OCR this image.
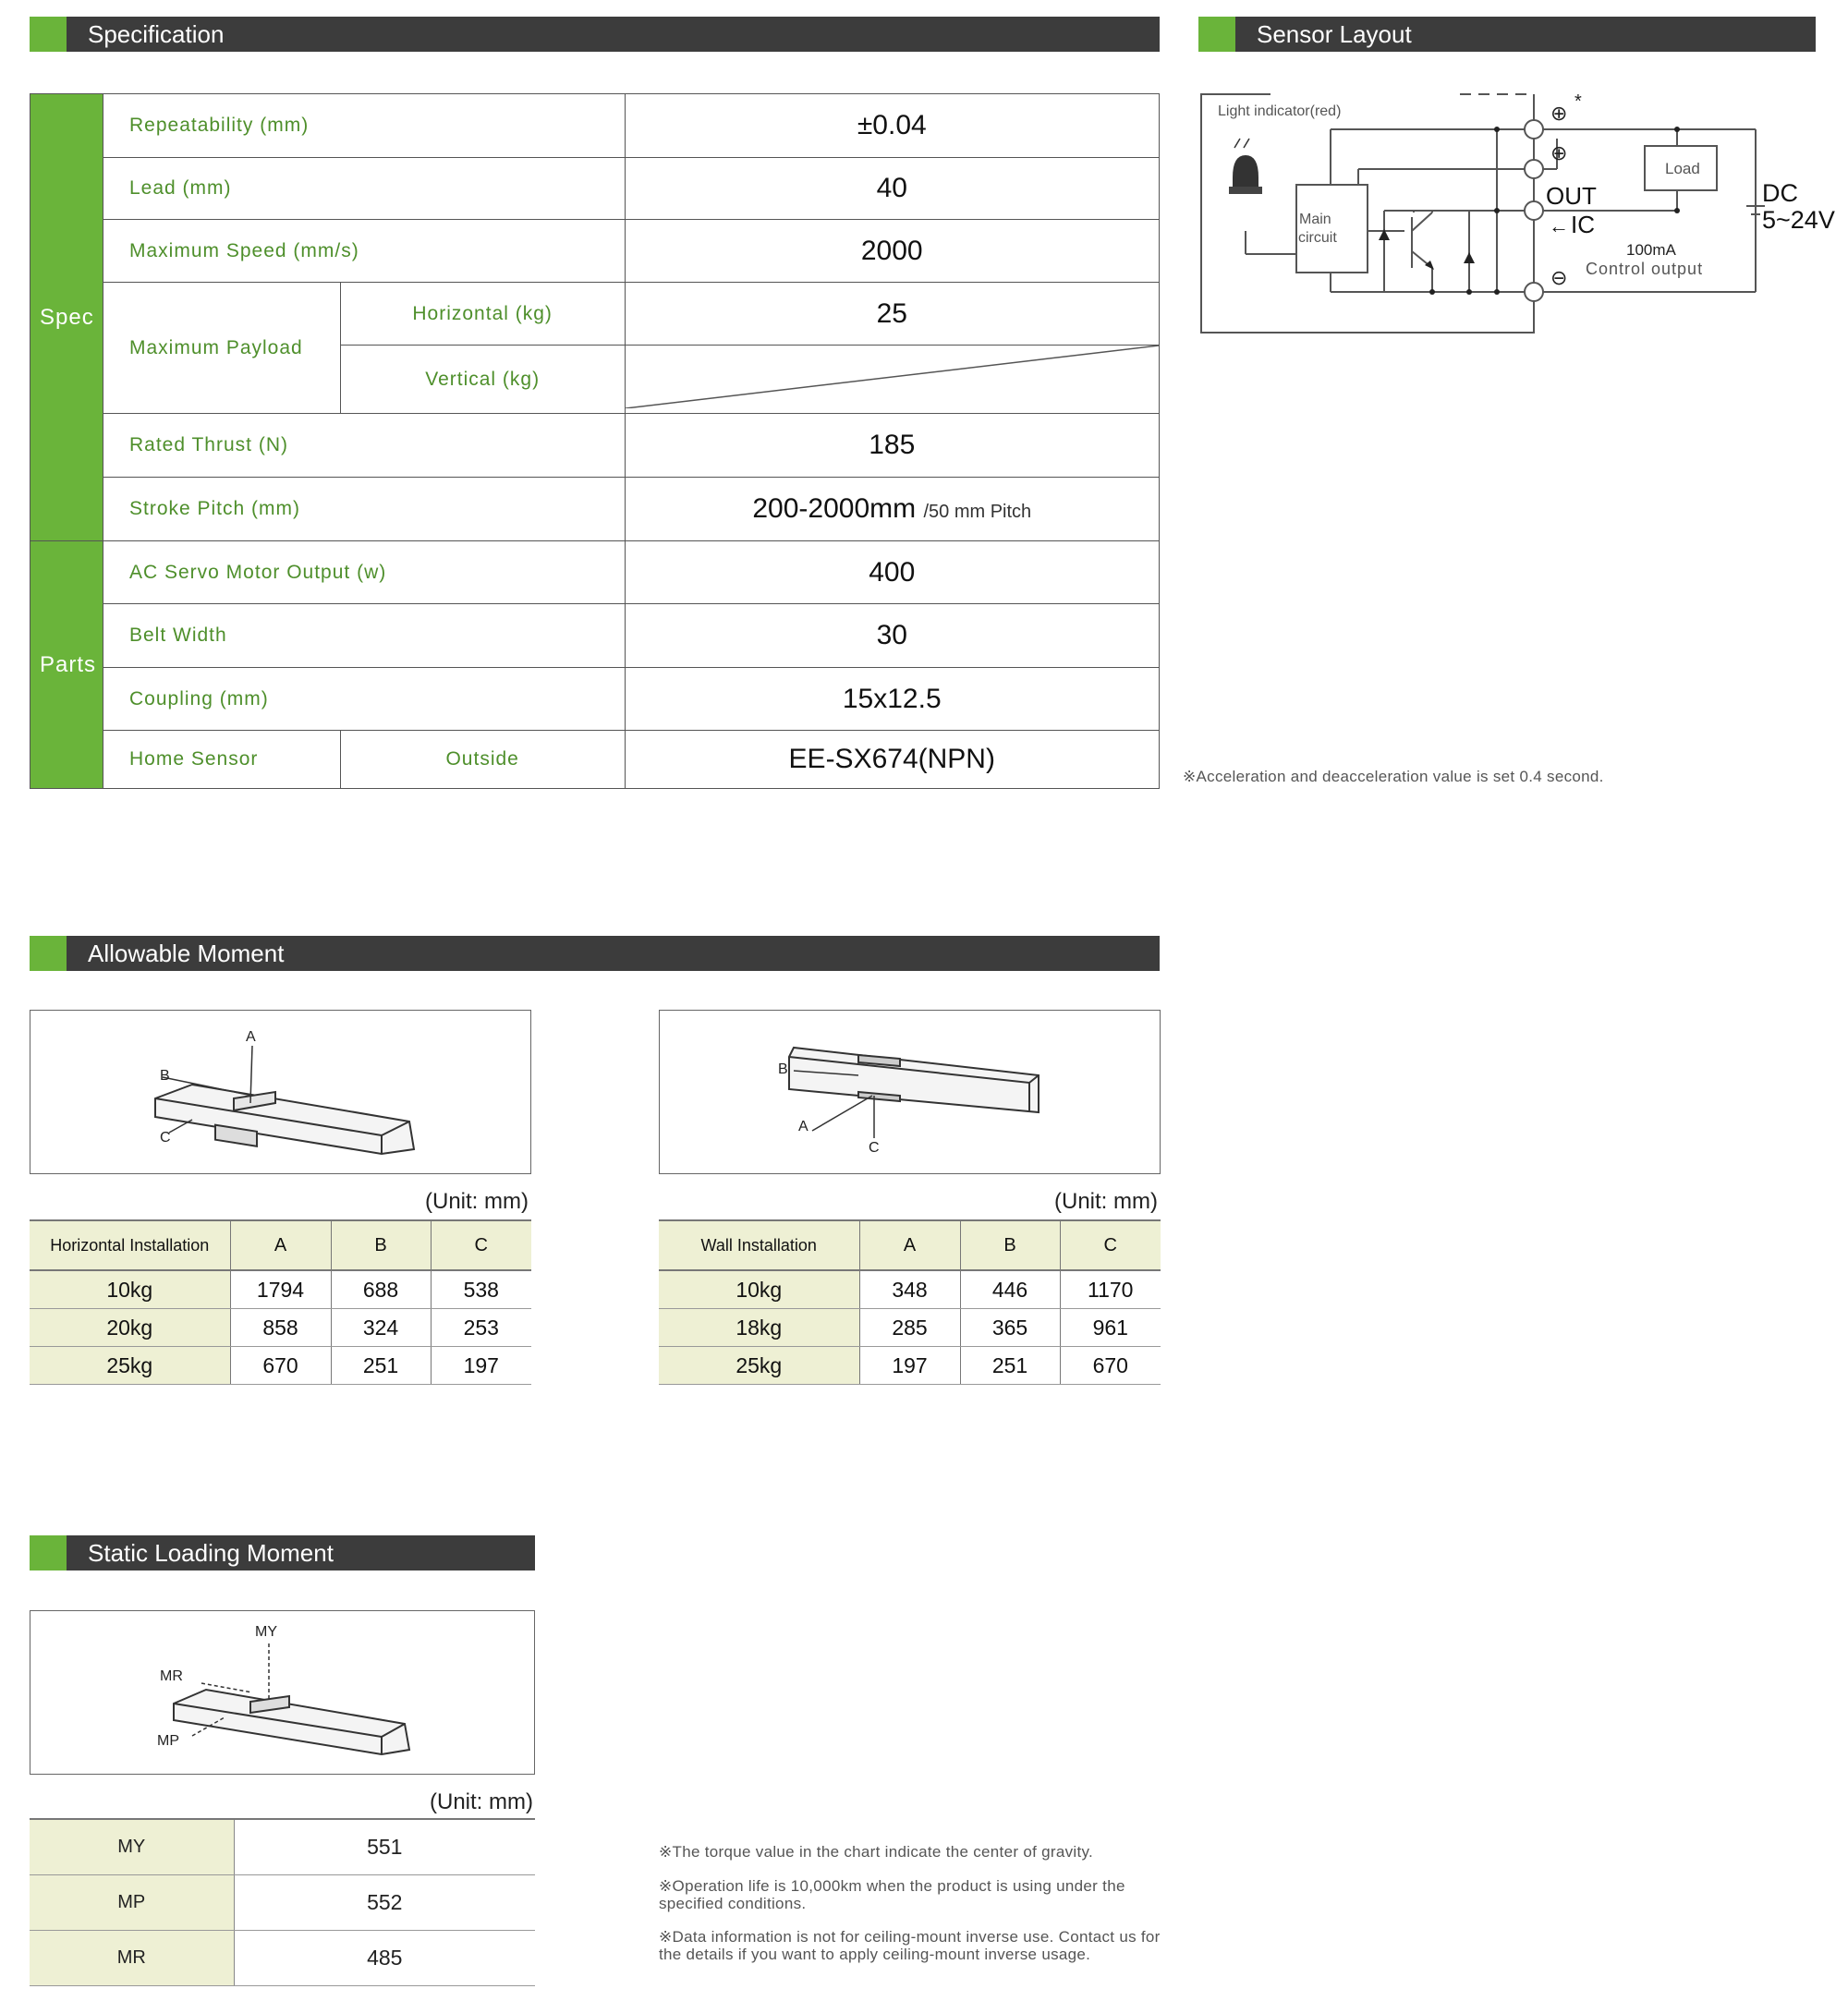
Specification	Sensor Layout
Allowable Moment
Static Loading Moment
Spec	Repeatability (mm)		±0.04
	Lead (mm)		40
	Maximum Speed (mm/s)		2000
	Maximum Payload	Horizontal (kg)	25
		Vertical (kg)	
	Rated Thrust (N)		185
	Stroke Pitch (mm)		200-2000mm /50 mm Pitch
Parts	AC Servo Motor Output (w)		400
	Belt Width		30
	Coupling (mm)		15x12.5
	Home Sensor	Outside	EE-SX674(NPN)
Light indicator(red)
Main
circuit
Load
OUT
IC
←
100mA
Control output
DC
5~24V
⊕ *
⊕
⊖
※Acceleration and deacceleration value is set 0.4 second.
A
B
C
(Unit: mm)
Horizontal Installation	A	B	C
10kg	1794	688	538
20kg	858	324	253
25kg	670	251	197
B
A
C
(Unit: mm)
Wall Installation	A	B	C
10kg	348	446	1170
18kg	285	365	961
25kg	197	251	670
MY
MR
MP
(Unit: mm)
MY	551
MP	552
MR	485
※The torque value in the chart indicate the center of gravity.
※Operation life is 10,000km when the product is using under the specified conditions.
※Data information is not for ceiling-mount inverse use. Contact us for the details if you want to apply ceiling-mount inverse usage.
